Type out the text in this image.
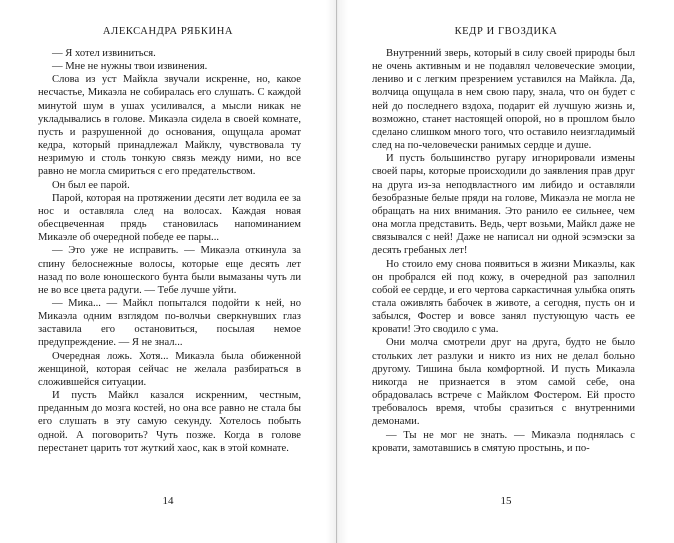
АЛЕКСАНДРА РЯБКИНА

— Я хотел извиниться.

— Мне не нужны твои извинения.

Слова из уст Майкла звучали искренне, но, какое несчастье, Микаэла не собиралась его слушать. С каждой минутой шум в ушах усиливался, а мысли никак не укладывались в голове. Микаэла сидела в своей комнате, пусть и разрушенной до основания, ощущала аромат кедра, который принадлежал Майклу, чувствовала ту незримую и столь тонкую связь между ними, но все равно не могла смириться с его предательством.

Он был ее парой.

Парой, которая на протяжении десяти лет водила ее за нос и оставляла след на волосах. Каждая новая обесцвеченная прядь становилась напоминанием Микаэле об очередной победе ее пары...

— Это уже не исправить. — Микаэла откинула за спину белоснежные волосы, которые еще десять лет назад по воле юношеского бунта были вымазаны чуть ли не во все цвета радуги. — Тебе лучше уйти.

— Мика... — Майкл попытался подойти к ней, но Микаэла одним взглядом по-волчьи сверкнувших глаз заставила его остановиться, посылая немое предупреждение. — Я не знал...

Очередная ложь. Хотя... Микаэла была обиженной женщиной, которая сейчас не желала разбираться в сложившейся ситуации.

И пусть Майкл казался искренним, честным, преданным до мозга костей, но она все равно не стала бы его слушать в эту самую секунду. Хотелось побыть одной. А поговорить? Чуть позже. Когда в голове перестанет царить тот жуткий хаос, как в этой комнате.

14
КЕДР И ГВОЗДИКА

Внутренний зверь, который в силу своей природы был не очень активным и не подавлял человеческие эмоции, лениво и с легким презрением уставился на Майкла. Да, волчица ощущала в нем свою пару, знала, что он будет с ней до последнего вздоха, подарит ей лучшую жизнь и, возможно, станет настоящей опорой, но в прошлом было сделано слишком много того, что оставило неизгладимый след на по-человечески ранимых сердце и душе.

И пусть большинство ругару игнорировали измены своей пары, которые происходили до заявления прав друг на друга из-за неподвластного им либидо и оставляли безобразные белые пряди на голове, Микаэла не могла не обращать на них внимания. Это ранило ее сильнее, чем она могла представить. Ведь, черт возьми, Майкл даже не связывался с ней! Даже не написал ни одной эсэмэски за десять гребаных лет!

Но стоило ему снова появиться в жизни Микаэлы, как он пробрался ей под кожу, в очередной раз заполнил собой ее сердце, и его чертова саркастичная улыбка опять стала оживлять бабочек в животе, а сегодня, пусть он и забылся, Фостер и вовсе занял пустующую часть ее кровати! Это сводило с ума.

Они молча смотрели друг на друга, будто не было стольких лет разлуки и никто из них не делал больно другому. Тишина была комфортной. И пусть Микаэла никогда не признается в этом самой себе, она обрадовалась встрече с Майклом Фостером. Ей просто требовалось время, чтобы сразиться с внутренними демонами.

— Ты не мог не знать. — Микаэла поднялась с кровати, замотавшись в смятую простынь, и по-

15
